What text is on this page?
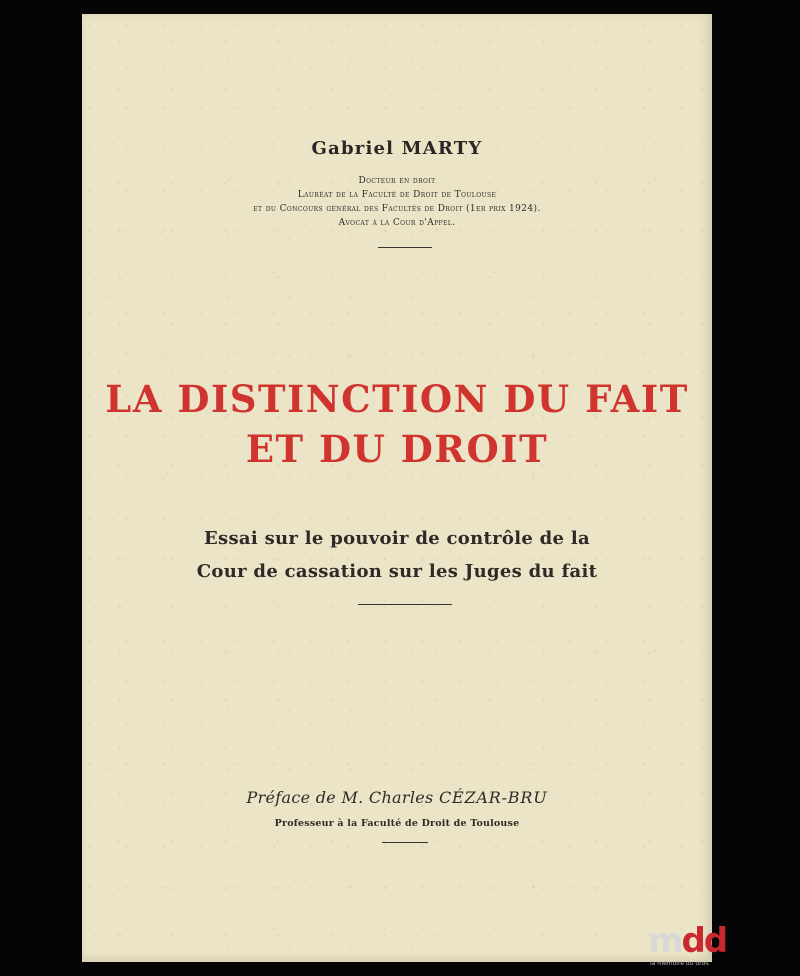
Gabriel MARTY
Docteur en droit
Lauréat de la Faculté de Droit de Toulouse
et du Concours général des Facultés de Droit (1er prix 1924).
Avocat à la Cour d'Appel.
LA DISTINCTION DU FAIT
ET DU DROIT
Essai sur le pouvoir de contrôle de la
Cour de cassation sur les Juges du fait
Préface de M. Charles CÉZAR-BRU
Professeur à la Faculté de Droit de Toulouse
mdd
la mémoire du droit
